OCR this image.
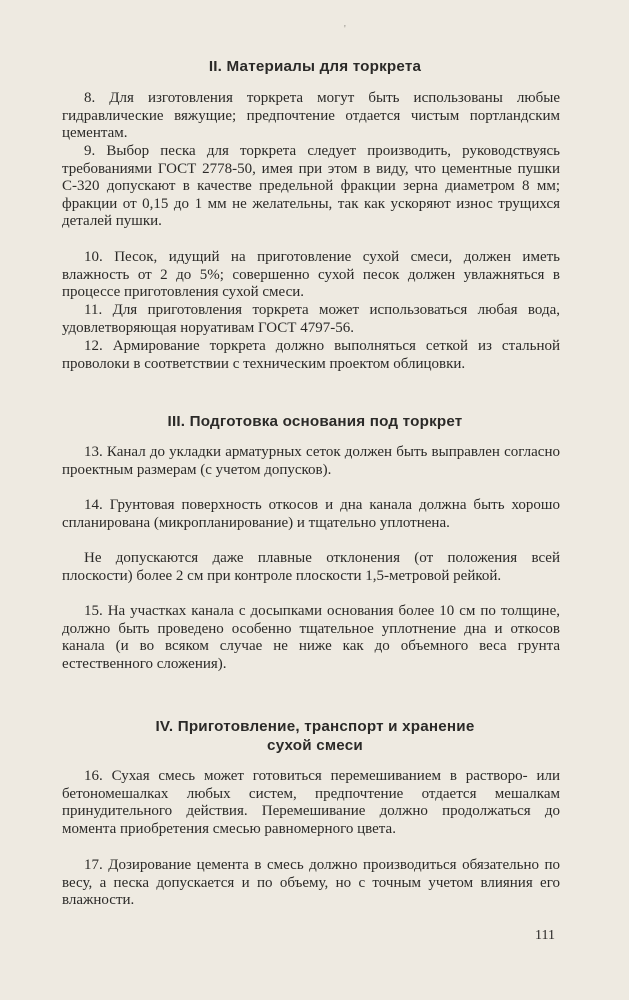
'
II. Материалы для торкрета

8. Для изготовления торкрета могут быть использованы любые гидравлические вяжущие; предпочтение отдается чистым портландским цементам.

9. Выбор песка для торкрета следует производить, руководствуясь требованиями ГОСТ 2778-50, имея при этом в виду, что цементные пушки С-320 допускают в качестве предельной фракции зерна диаметром 8 мм; фракции от 0,15 до 1 мм не желательны, так как ускоряют износ трущихся деталей пушки.

10. Песок, идущий на приготовление сухой смеси, должен иметь влажность от 2 до 5%; совершенно сухой песок должен увлажняться в процессе приготовления сухой смеси.

11. Для приготовления торкрета может использоваться любая вода, удовлетворяющая норуативам ГОСТ 4797-56.

12. Армирование торкрета должно выполняться сеткой из стальной проволоки в соответствии с техническим проектом облицовки.

III. Подготовка основания под торкрет

13. Канал до укладки арматурных сеток должен быть выправлен согласно проектным размерам (с учетом допусков).

14. Грунтовая поверхность откосов и дна канала должна быть хорошо спланирована (микропланирование) и тщательно уплотнена.

Не допускаются даже плавные отклонения (от положения всей плоскости) более 2 см при контроле плоскости 1,5-метровой рейкой.

15. На участках канала с досыпками основания более 10 см по толщине, должно быть проведено особенно тщательное уплотнение дна и откосов канала (и во всяком случае не ниже как до объемного веса грунта естественного сложения).

IV. Приготовление, транспорт и хранение
сухой смеси

16. Сухая смесь может готовиться перемешиванием в растворо- или бетономешалках любых систем, предпочтение отдается мешалкам принудительного действия. Перемешивание должно продолжаться до момента приобретения смесью равномерного цвета.

17. Дозирование цемента в смесь должно производиться обязательно по весу, а песка допускается и по объему, но с точным учетом влияния его влажности.

111
